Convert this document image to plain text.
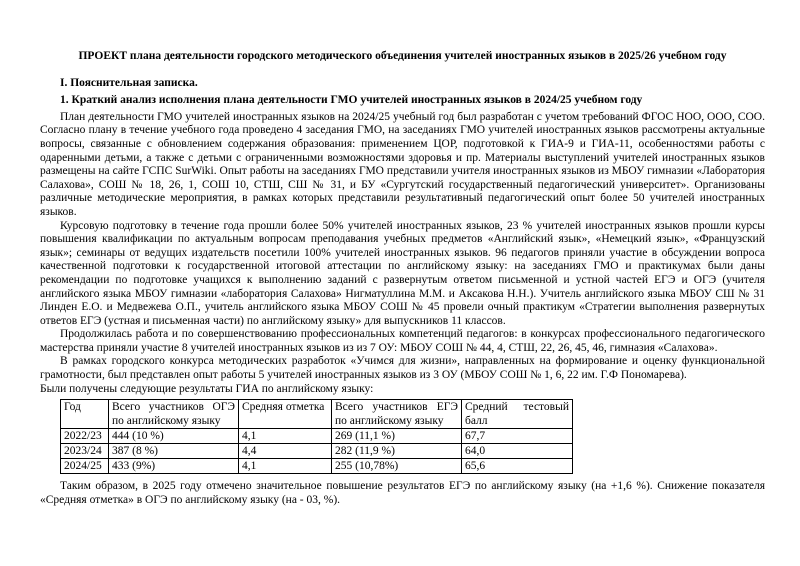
ПРОЕКТ плана деятельности городского методического объединения учителей иностранных языков в 2025/26 учебном году
I. Пояснительная записка.
1. Краткий анализ исполнения плана деятельности ГМО учителей иностранных языков в 2024/25 учебном году

План деятельности ГМО учителей иностранных языков на 2024/25 учебный год был разработан с учетом требований ФГОС НОО, ООО, СОО. Согласно плану в течение учебного года проведено 4 заседания ГМО, на заседаниях ГМО учителей иностранных языков рассмотрены актуальные вопросы, связанные с обновлением содержания образования: применением ЦОР, подготовкой к ГИА-9 и ГИА-11, особенностями работы с одаренными детьми, а также с детьми с ограниченными возможностями здоровья и пр. Материалы выступлений учителей иностранных языков размещены на сайте ГСПС SurWiki. Опыт работы на заседаниях ГМО представили учителя иностранных языков из МБОУ гимназии «Лаборатория Салахова», СОШ № 18, 26, 1, СОШ 10, СТШ, СШ № 31, и БУ «Сургутский государственный педагогический университет». Организованы различные методические мероприятия, в рамках которых представили результативный педагогический опыт более 50 учителей иностранных языков.

Курсовую подготовку в течение года прошли более 50% учителей иностранных языков, 23 % учителей иностранных языков прошли курсы повышения квалификации по актуальным вопросам преподавания учебных предметов «Английский язык», «Немецкий язык», «Французский язык»; семинары от ведущих издательств посетили 100% учителей иностранных языков. 96 педагогов приняли участие в обсуждении вопроса качественной подготовки к государственной итоговой аттестации по английскому языку: на заседаниях ГМО и практикумах были даны рекомендации по подготовке учащихся к выполнению заданий с развернутым ответом письменной и устной частей ЕГЭ и ОГЭ (учителя английского языка МБОУ гимназии «лаборатория Салахова» Нигматуллина М.М. и Аксакова Н.Н.). Учитель английского языка МБОУ СШ № 31 Линден Е.О. и Медвежева О.П., учитель английского языка МБОУ СОШ № 45 провели очный практикум «Стратегии выполнения развернутых ответов ЕГЭ (устная и письменная части) по английскому языку» для выпускников 11 классов.

Продолжилась работа и по совершенствованию профессиональных компетенций педагогов: в конкурсах профессионального педагогического мастерства приняли участие 8 учителей иностранных языков из из 7 ОУ: МБОУ СОШ № 44, 4, СТШ, 22, 26, 45, 46, гимназия «Салахова».

В рамках городского конкурса методических разработок «Учимся для жизни», направленных на формирование и оценку функциональной грамотности, был представлен опыт работы 5 учителей иностранных языков из 3 ОУ (МБОУ СОШ № 1, 6, 22 им. Г.Ф Пономарева).

Были получены следующие результаты ГИА по английскому языку:

Год	Всего участников ОГЭ по английскому языку	Средняя отметка	Всего участников ЕГЭ по английскому языку	Средний тестовый балл
2022/23	444 (10 %)	4,1	269 (11,1 %)	67,7
2023/24	387 (8 %)	4,4	282 (11,9 %)	64,0
2024/25	433 (9%)	4,1	255 (10,78%)	65,6

Таким образом, в 2025 году отмечено значительное повышение результатов ЕГЭ по английскому языку (на +1,6 %). Снижение показателя «Средняя отметка» в ОГЭ по английскому языку (на - 03, %).
